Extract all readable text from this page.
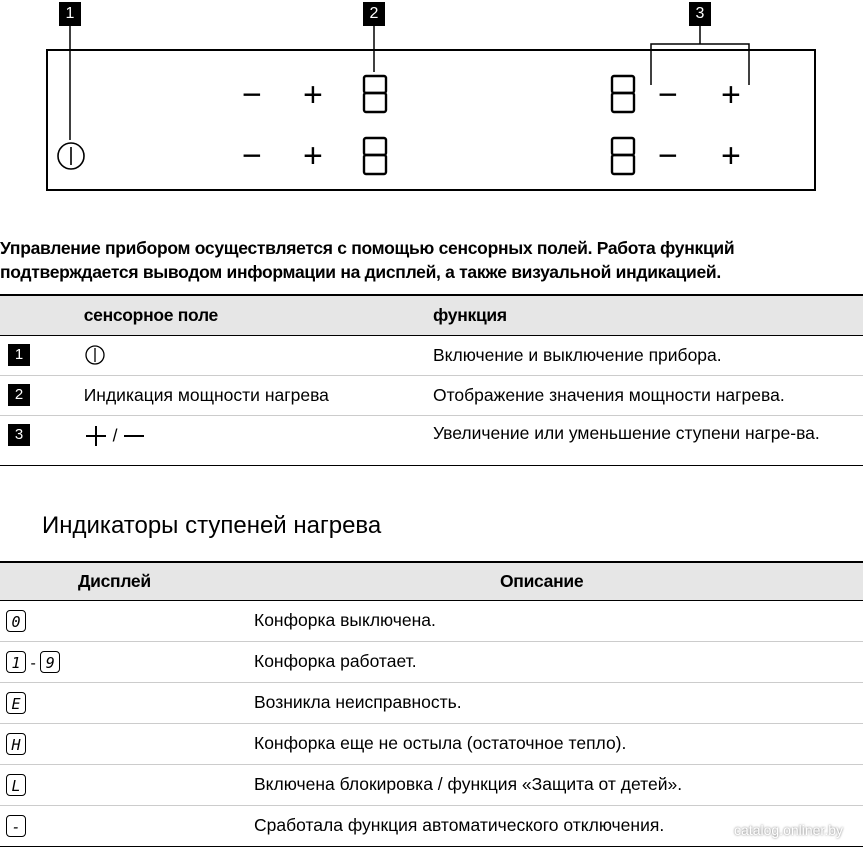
1	2	3
− +
− +
− +
− +
Управление прибором осуществляется с помощью сенсорных полей. Работа функций подтверждается выводом информации на дисплей, а также визуальной индикацией.
	сенсорное поле	функция
1		Включение и выключение прибора.
2	Индикация мощности нагрева	Отображение значения мощности нагрева.
3	/	Увеличение или уменьшение ступени нагре-ва.
Индикаторы ступеней нагрева
Дисплей	Описание
0	Конфорка выключена.
1 - 9	Конфорка работает.
E	Возникла неисправность.
H	Конфорка еще не остыла (остаточное тепло).
L	Включена блокировка / функция «Защита от детей».
-	Сработала функция автоматического отключения.	catalog.onliner.by
